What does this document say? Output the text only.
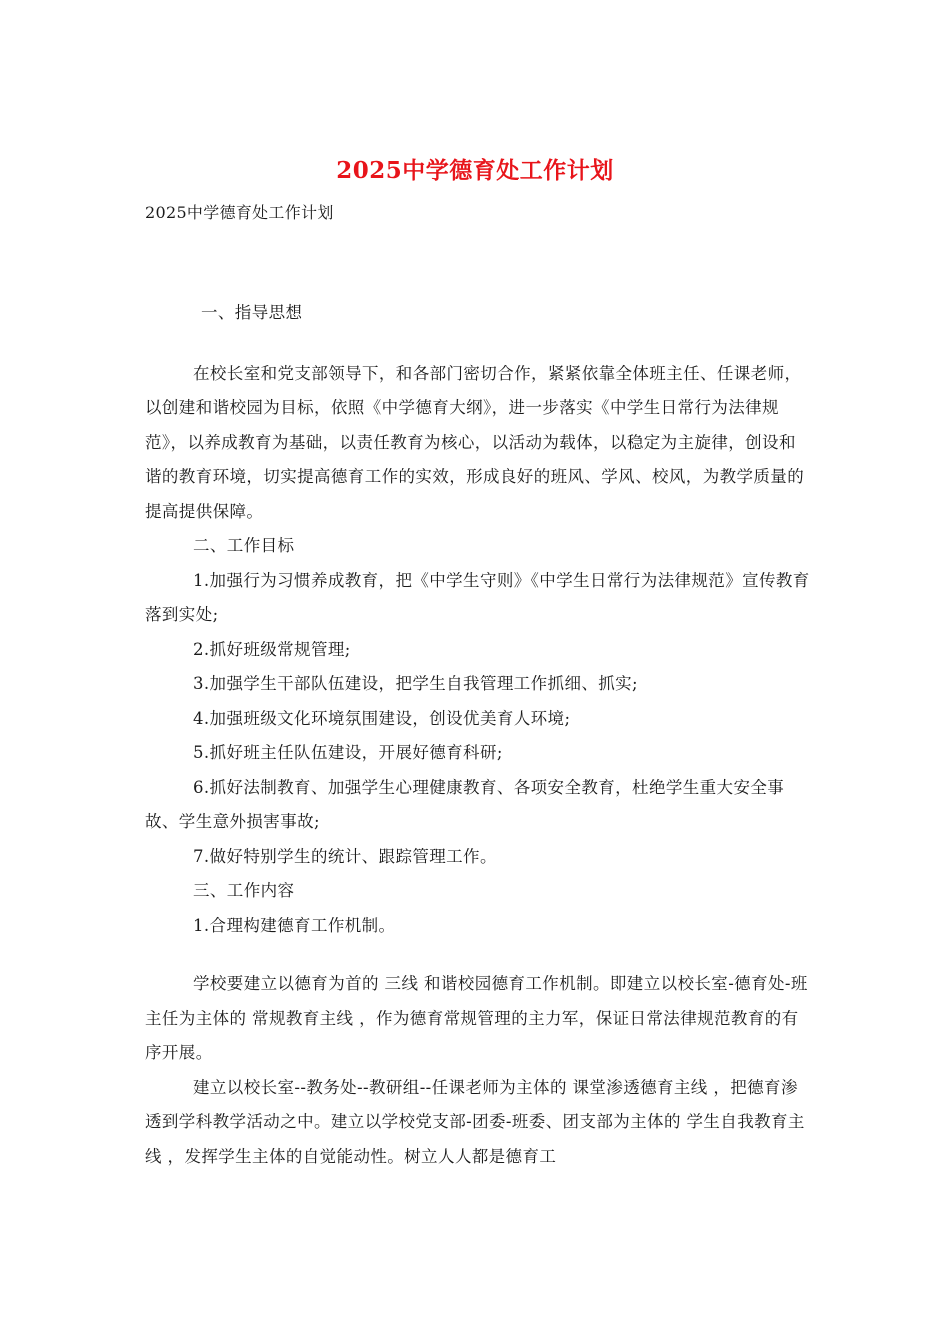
2025中学德育处工作计划
2025中学德育处工作计划

一、指导思想

在校长室和党支部领导下，和各部门密切合作，紧紧依靠全体班主任、任课老师，以创建和谐校园为目标，依照《中学德育大纲》，进一步落实《中学生日常行为法律规范》，以养成教育为基础，以责任教育为核心，以活动为载体，以稳定为主旋律，创设和谐的教育环境，切实提高德育工作的实效，形成良好的班风、学风、校风，为教学质量的提高提供保障。

二、工作目标

1.加强行为习惯养成教育，把《中学生守则》《中学生日常行为法律规范》宣传教育落到实处;

2.抓好班级常规管理;

3.加强学生干部队伍建设，把学生自我管理工作抓细、抓实;

4.加强班级文化环境氛围建设，创设优美育人环境;

5.抓好班主任队伍建设，开展好德育科研;

6.抓好法制教育、加强学生心理健康教育、各项安全教育，杜绝学生重大安全事故、学生意外损害事故;

7.做好特别学生的统计、跟踪管理工作。

三、工作内容

1.合理构建德育工作机制。

学校要建立以德育为首的 三线 和谐校园德育工作机制。即建立以校长室-德育处-班主任为主体的 常规教育主线 ，作为德育常规管理的主力军，保证日常法律规范教育的有序开展。

建立以校长室--教务处--教研组--任课老师为主体的 课堂渗透德育主线 ，把德育渗透到学科教学活动之中。建立以学校党支部-团委-班委、团支部为主体的 学生自我教育主线 ，发挥学生主体的自觉能动性。树立人人都是德育工
